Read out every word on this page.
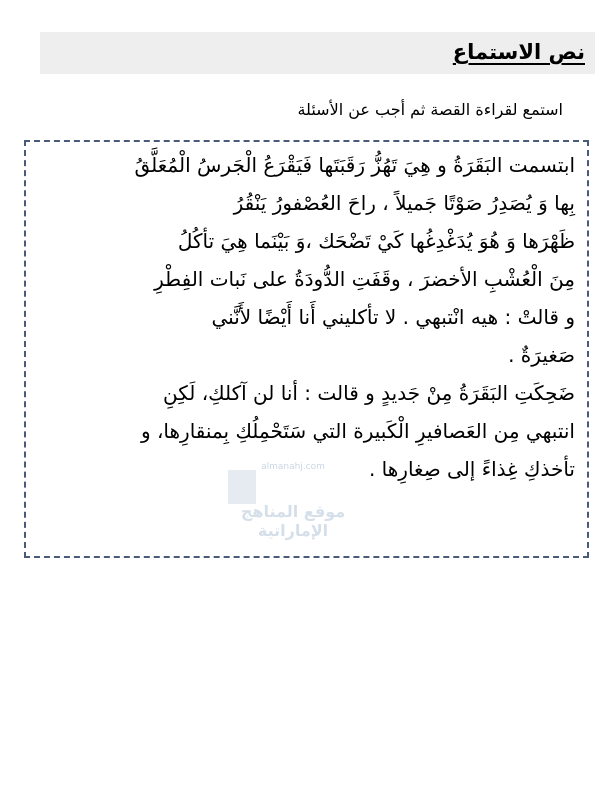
نص الاستماع
استمع لقراءة القصة ثم أجب عن الأسئلة
ابتسمت البَقَرَةُ و هِيَ تَهُزُّ رَقَبَتَها فَيَقْرَعُ الْجَرسُ الْمُعَلَّقُ
بِها وَ يُصَدِرُ صَوْتًا جَميلاً ، راحَ العُصْفورُ يَنْقُرُ
ظَهْرَها وَ هُوَ يُدَغْدِغُها كَيْ تَضْحَك ،وَ بَيْنَما هِيَ تأكُلُ
مِنَ الْعُشْبِ الأخضرَ ، وقَفَتِ الدُّودَةُ على نَبات الفِطْرِ
و قالتْ : هيه انْتبهي . لا تأكليني أَنا أَيْضًا لأَنَّني
صَغيرَةٌ .
ضَحِكَتِ البَقَرَةُ مِنْ جَديدٍ و قالت : أنا لن آكلكِ، لَكِنِ
انتبهي مِن العَصافيرِ الْكَبيرة التي سَتَحْمِلُكِ بِمنقارِها، و
تأخذكِ غِذاءً إلى صِغارِها .
almanahj.com
موقع المناهج الإماراتية
